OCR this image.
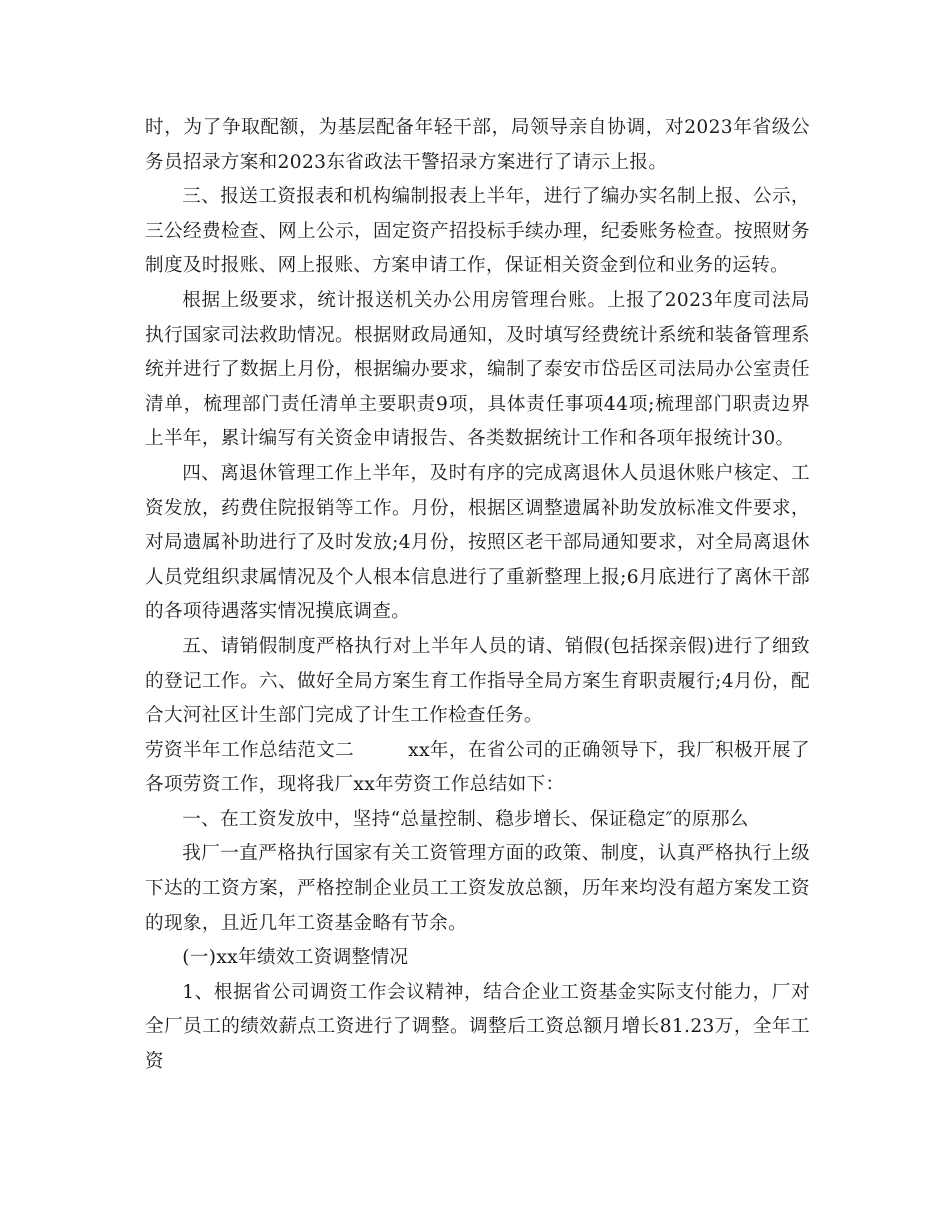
时，为了争取配额，为基层配备年轻干部，局领导亲自协调，对2023年省级公务员招录方案和2023东省政法干警招录方案进行了请示上报。

三、报送工资报表和机构编制报表上半年，进行了编办实名制上报、公示，三公经费检查、网上公示，固定资产招投标手续办理，纪委账务检查。按照财务制度及时报账、网上报账、方案申请工作，保证相关资金到位和业务的运转。

根据上级要求，统计报送机关办公用房管理台账。上报了2023年度司法局执行国家司法救助情况。根据财政局通知，及时填写经费统计系统和装备管理系统并进行了数据上月份，根据编办要求，编制了泰安市岱岳区司法局办公室责任清单，梳理部门责任清单主要职责9项，具体责任事项44项;梳理部门职责边界上半年，累计编写有关资金申请报告、各类数据统计工作和各项年报统计30。

四、离退休管理工作上半年，及时有序的完成离退休人员退休账户核定、工资发放，药费住院报销等工作。月份，根据区调整遗属补助发放标准文件要求，对局遗属补助进行了及时发放;4月份，按照区老干部局通知要求，对全局离退休人员党组织隶属情况及个人根本信息进行了重新整理上报;6月底进行了离休干部的各项待遇落实情况摸底调查。

五、请销假制度严格执行对上半年人员的请、销假(包括探亲假)进行了细致的登记工作。六、做好全局方案生育工作指导全局方案生育职责履行;4月份，配合大河社区计生部门完成了计生工作检查任务。

劳资半年工作总结范文二	xx年，在省公司的正确领导下，我厂积极开展了各项劳资工作，现将我厂xx年劳资工作总结如下：

一、在工资发放中，坚持“总量控制、稳步增长、保证稳定″的原那么

我厂一直严格执行国家有关工资管理方面的政策、制度，认真严格执行上级下达的工资方案，严格控制企业员工工资发放总额，历年来均没有超方案发工资的现象，且近几年工资基金略有节余。

(一)xx年绩效工资调整情况

1、根据省公司调资工作会议精神，结合企业工资基金实际支付能力，厂对全厂员工的绩效薪点工资进行了调整。调整后工资总额月增长81.23万，全年工资
